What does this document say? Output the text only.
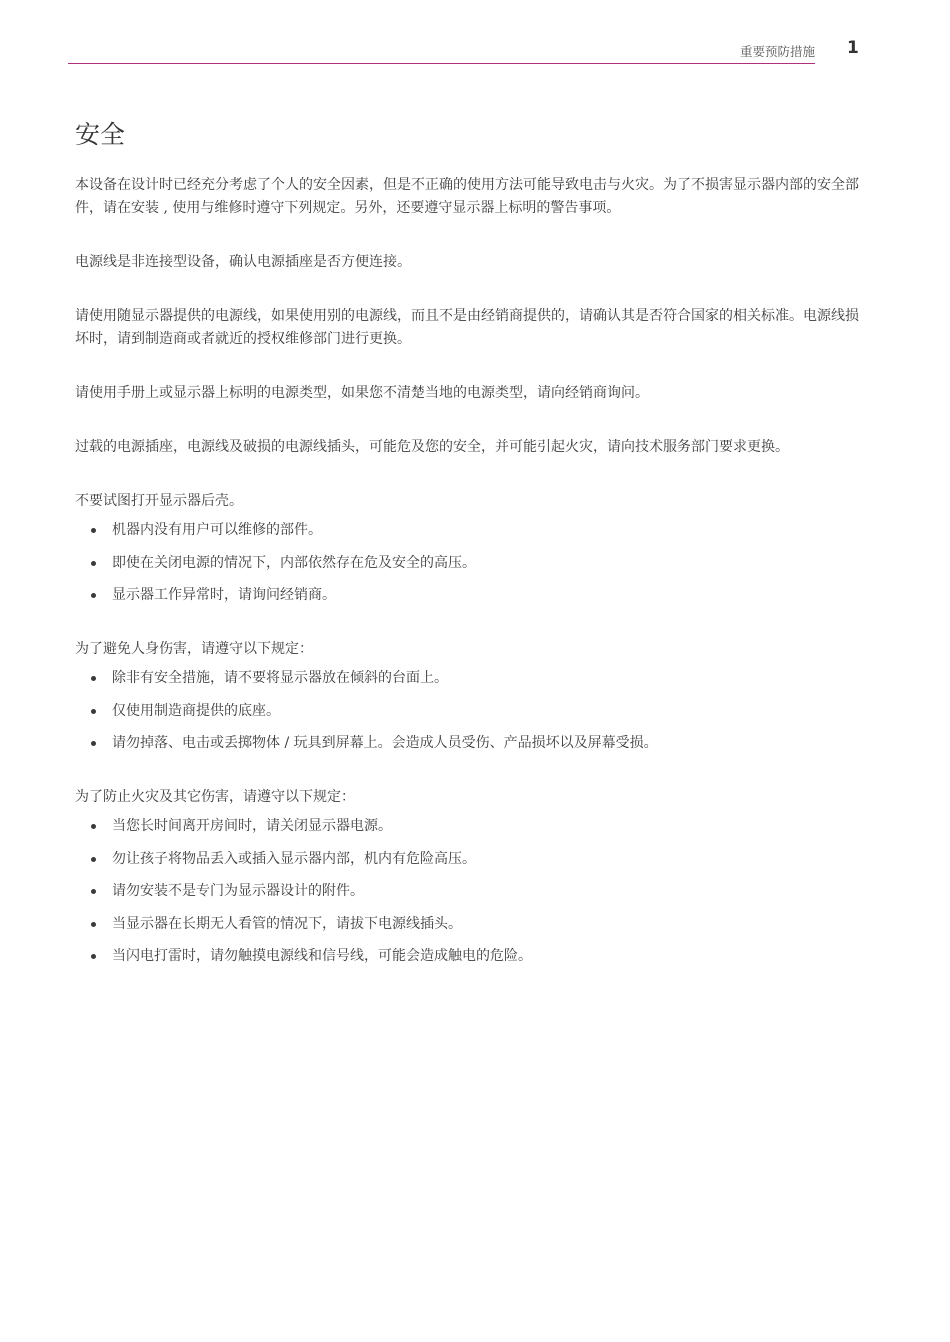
重要预防措施 1
安全

本设备在设计时已经充分考虑了个人的安全因素，但是不正确的使用方法可能导致电击与火灾。为了不损害显示器内部的安全部件，请在安装 , 使用与维修时遵守下列规定。另外，还要遵守显示器上标明的警告事项。

电源线是非连接型设备，确认电源插座是否方便连接。

请使用随显示器提供的电源线，如果使用别的电源线，而且不是由经销商提供的，请确认其是否符合国家的相关标准。电源线损坏时，请到制造商或者就近的授权维修部门进行更换。

请使用手册上或显示器上标明的电源类型，如果您不清楚当地的电源类型，请向经销商询问。

过载的电源插座，电源线及破损的电源线插头，可能危及您的安全，并可能引起火灾，请向技术服务部门要求更换。

不要试图打开显示器后壳。

机器内没有用户可以维修的部件。
即使在关闭电源的情况下，内部依然存在危及安全的高压。
显示器工作异常时，请询问经销商。

为了避免人身伤害，请遵守以下规定：

除非有安全措施，请不要将显示器放在倾斜的台面上。
仅使用制造商提供的底座。
请勿掉落、电击或丢掷物体 / 玩具到屏幕上。会造成人员受伤、产品损坏以及屏幕受损。

为了防止火灾及其它伤害，请遵守以下规定：

当您长时间离开房间时，请关闭显示器电源。
勿让孩子将物品丢入或插入显示器内部，机内有危险高压。
请勿安装不是专门为显示器设计的附件。
当显示器在长期无人看管的情况下，请拔下电源线插头。
当闪电打雷时，请勿触摸电源线和信号线，可能会造成触电的危险。
